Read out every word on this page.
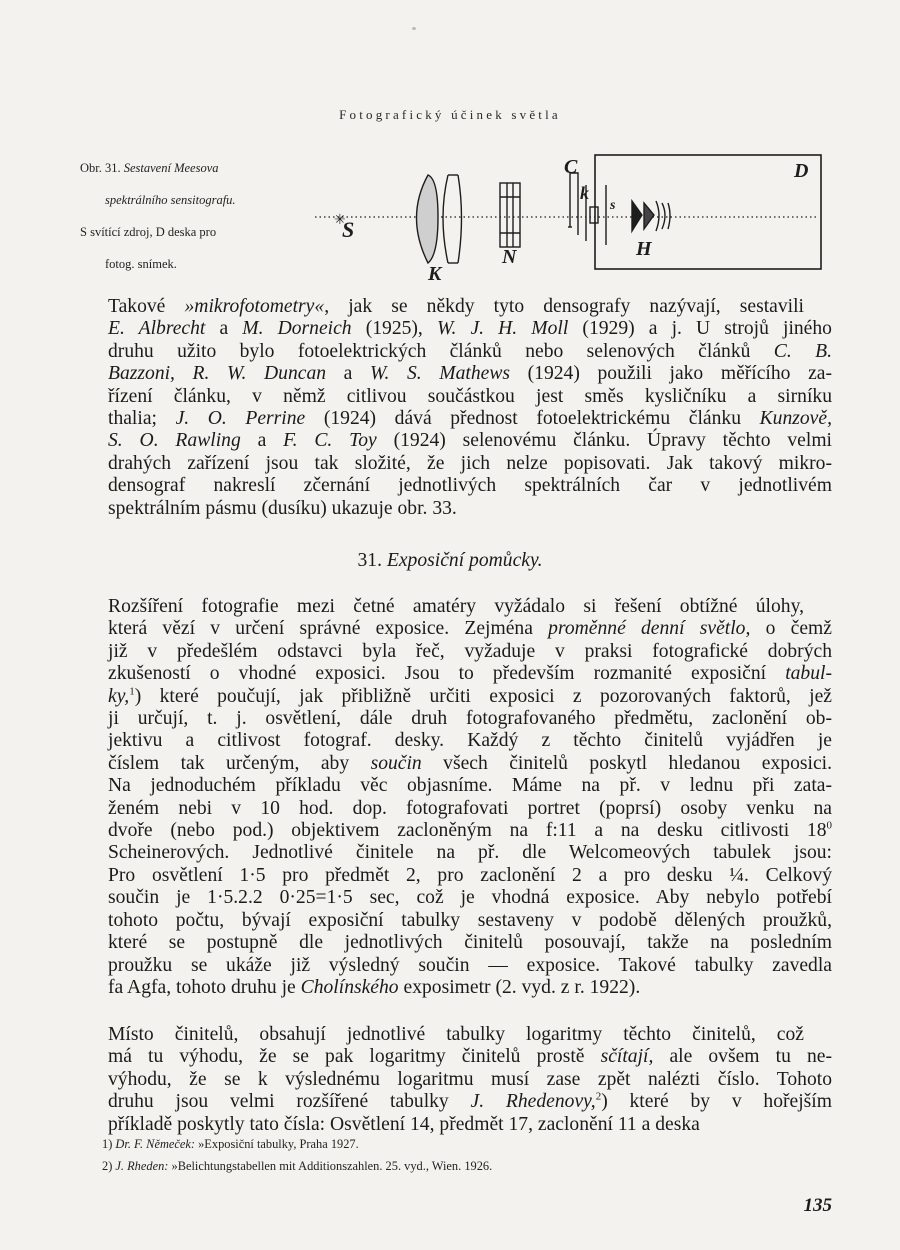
Fotografický účinek světla
Obr. 31. Sestavení Meesova
spektrálního sensitografu.
S svítící zdroj, D deska pro
fotog. snímek.
✳
S
K
N
C
k
s
H
D
Takové »mikrofotometry«, jak se někdy tyto densografy nazývají, sestavili
E. Albrecht a M. Dorneich (1925), W. J. H. Moll (1929) a j. U strojů jiného
druhu užito bylo fotoelektrických článků nebo selenových článků C. B.
Bazzoni, R. W. Duncan a W. S. Mathews (1924) použili jako měřícího za-
řízení článku, v němž citlivou součástkou jest směs kysličníku a sirníku
thalia; J. O. Perrine (1924) dává přednost fotoelektrickému článku Kunzově,
S. O. Rawling a F. C. Toy (1924) selenovému článku. Úpravy těchto velmi
drahých zařízení jsou tak složité, že jich nelze popisovati. Jak takový mikro-
densograf nakreslí zčernání jednotlivých spektrálních čar v jednotlivém
spektrálním pásmu (dusíku) ukazuje obr. 33.
31. Exposiční pomůcky.
Rozšíření fotografie mezi četné amatéry vyžádalo si řešení obtížné úlohy,
která vězí v určení správné exposice. Zejména proměnné denní světlo, o čemž
již v předešlém odstavci byla řeč, vyžaduje v praksi fotografické dobrých
zkušeností o vhodné exposici. Jsou to především rozmanité exposiční tabul-
ky,$^1$) které poučují, jak přibližně určiti exposici z pozorovaných faktorů, jež
ji určují, t. j. osvětlení, dále druh fotografovaného předmětu, zaclonění ob-
jektivu a citlivost fotograf. desky. Každý z těchto činitelů vyjádřen je
číslem tak určeným, aby součin všech činitelů poskytl hledanou exposici.
Na jednoduchém příkladu věc objasníme. Máme na př. v lednu při zata-
ženém nebi v 10 hod. dop. fotografovati portret (poprsí) osoby venku na
dvoře (nebo pod.) objektivem zacloněným na f:11 a na desku citlivosti $18^0$
Scheinerových. Jednotlivé činitele na př. dle Welcomeových tabulek jsou:
Pro osvětlení 1·5 pro předmět 2, pro zaclonění 2 a pro desku ¼. Celkový
součin je 1·5.2.2 0·25=1·5 sec, což je vhodná exposice. Aby nebylo potřebí
tohoto počtu, bývají exposiční tabulky sestaveny v podobě dělených proužků,
které se postupně dle jednotlivých činitelů posouvají, takže na posledním
proužku se ukáže již výsledný součin — exposice. Takové tabulky zavedla
fa Agfa, tohoto druhu je Cholínského exposimetr (2. vyd. z r. 1922).
Místo činitelů, obsahují jednotlivé tabulky logaritmy těchto činitelů, což
má tu výhodu, že se pak logaritmy činitelů prostě sčítají, ale ovšem tu ne-
výhodu, že se k výslednému logaritmu musí zase zpět nalézti číslo. Tohoto
druhu jsou velmi rozšířené tabulky J. Rhedenovy,$^2$) které by v hořejším
příkladě poskytly tato čísla: Osvětlení 14, předmět 17, zaclonění 11 a deska
1) Dr. F. Němeček: »Exposiční tabulky, Praha 1927.
2) J. Rheden: »Belichtungstabellen mit Additionszahlen. 25. vyd., Wien. 1926.
135
